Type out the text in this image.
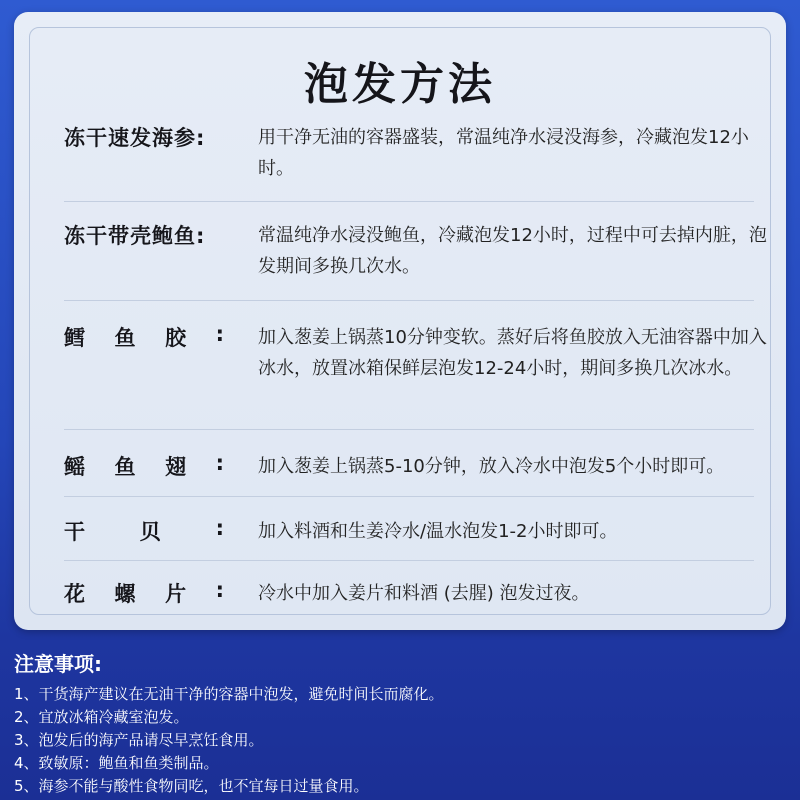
泡发方法
冻干速发海参:	用干净无油的容器盛装，常温纯净水浸没海参，冷藏泡发12小时。
冻干带壳鲍鱼:	常温纯净水浸没鲍鱼，冷藏泡发12小时，过程中可去掉内脏，泡发期间多换几次水。
鳕 鱼 胶 : 加入葱姜上锅蒸10分钟变软。蒸好后将鱼胶放入无油容器中加入冰水，放置冰箱保鲜层泡发12-24小时，期间多换几次冰水。
鳐 鱼 翅 : 加入葱姜上锅蒸5-10分钟，放入冷水中泡发5个小时即可。
干	贝	: 加入料酒和生姜冷水/温水泡发1-2小时即可。
花 螺 片 : 冷水中加入姜片和料酒 (去腥) 泡发过夜。
注意事项:
1、干货海产建议在无油干净的容器中泡发，避免时间长而腐化。
2、宜放冰箱冷藏室泡发。
3、泡发后的海产品请尽早烹饪食用。
4、致敏原：鲍鱼和鱼类制品。
5、海参不能与酸性食物同吃，也不宜每日过量食用。
